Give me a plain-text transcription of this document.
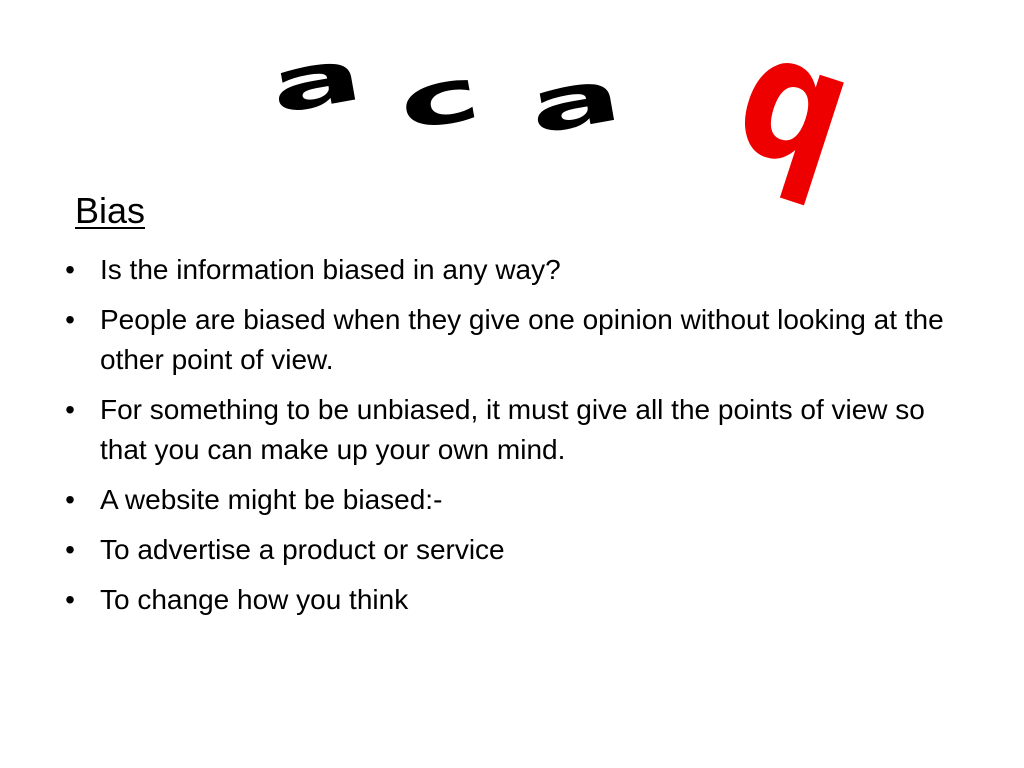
a c a b
Bias
• Is the information biased in any way?
• People are biased when they give one opinion without looking at the other point of view.
• For something to be unbiased, it must give all the points of view so that you can make up your own mind.
• A website might be biased:-
• To advertise a product or service
• To change how you think
